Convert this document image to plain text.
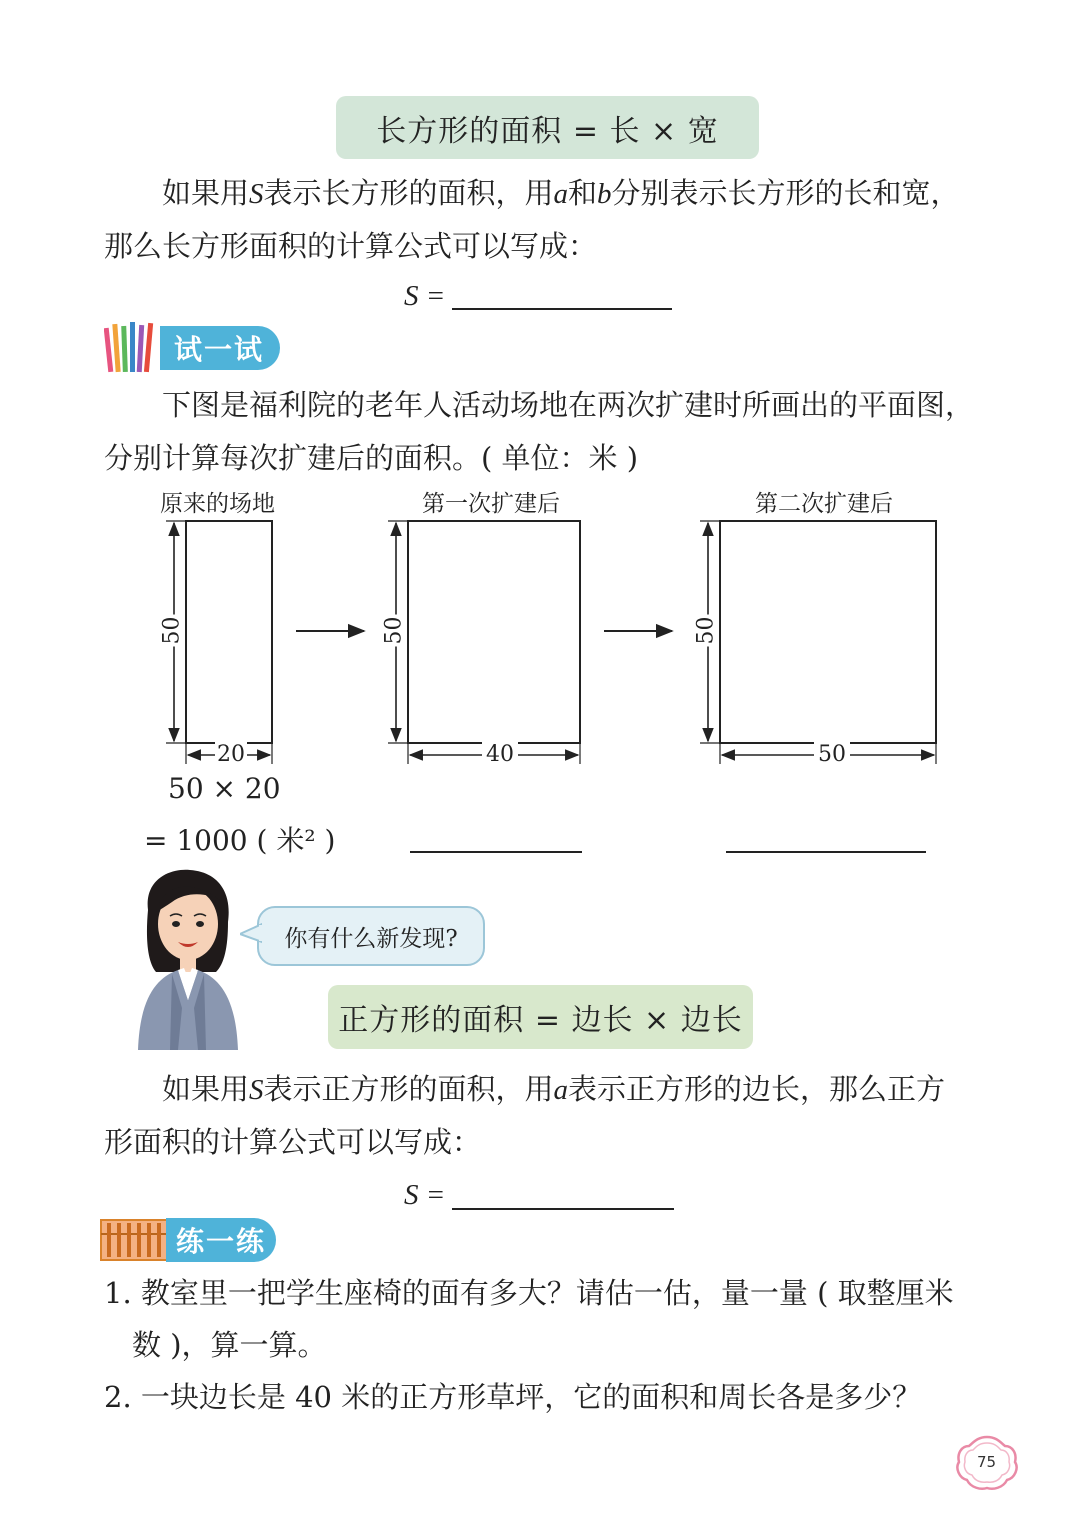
长方形的面积 = 长 × 宽
如果用S表示长方形的面积，用a和b分别表示长方形的长和宽，
那么长方形面积的计算公式可以写成：
S =
试一试
下图是福利院的老年人活动场地在两次扩建时所画出的平面图，
分别计算每次扩建后的面积。( 单位：米 )
原来的场地	第一次扩建后	第二次扩建后
50
20
50
40
50
50
50 × 20
= 1000 ( 米² )
你有什么新发现?
正方形的面积 = 边长 × 边长
如果用S表示正方形的面积，用a表示正方形的边长，那么正方
形面积的计算公式可以写成：
S =
练一练
1. 教室里一把学生座椅的面有多大？请估一估，量一量 ( 取整厘米
数 )，算一算。
2. 一块边长是 40 米的正方形草坪，它的面积和周长各是多少？
75
